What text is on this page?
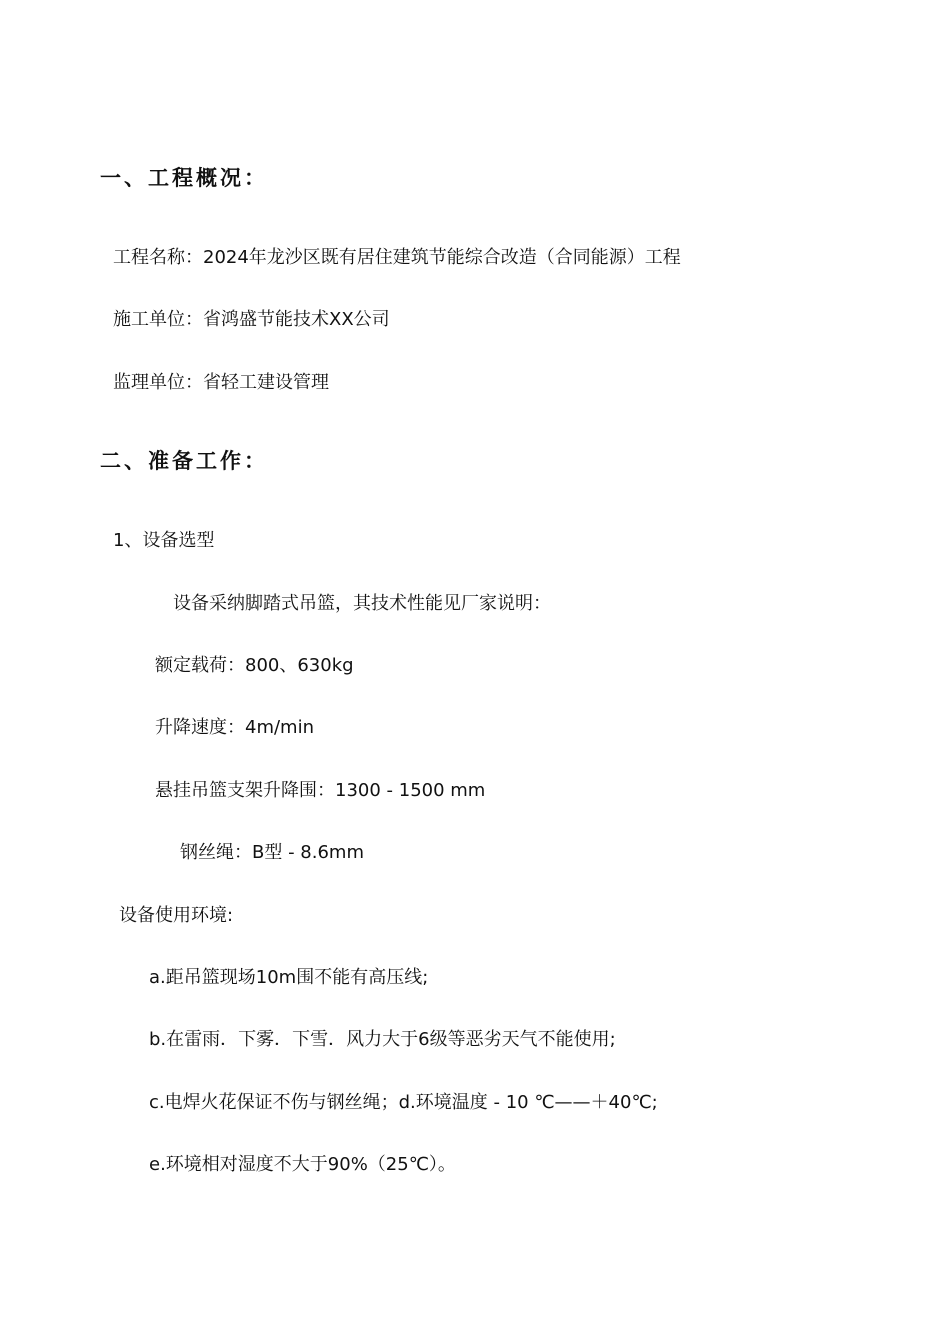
一、工程概况：
工程名称：2024年龙沙区既有居住建筑节能综合改造（合同能源）工程
施工单位：省鸿盛节能技术XX公司
监理单位：省轻工建设管理
二、准备工作：
1、设备选型
设备采纳脚踏式吊篮，其技术性能见厂家说明：
额定载荷：800、630kg
升降速度：4m/min
悬挂吊篮支架升降围：1300 - 1500 mm
钢丝绳：B型 - 8.6mm
设备使用环境:
a.距吊篮现场10m围不能有高压线;
b.在雷雨．下雾．下雪．风力大于6级等恶劣天气不能使用;
c.电焊火花保证不伤与钢丝绳；d.环境温度 - 10 ℃——＋40℃;
e.环境相对湿度不大于90%（25℃）。
